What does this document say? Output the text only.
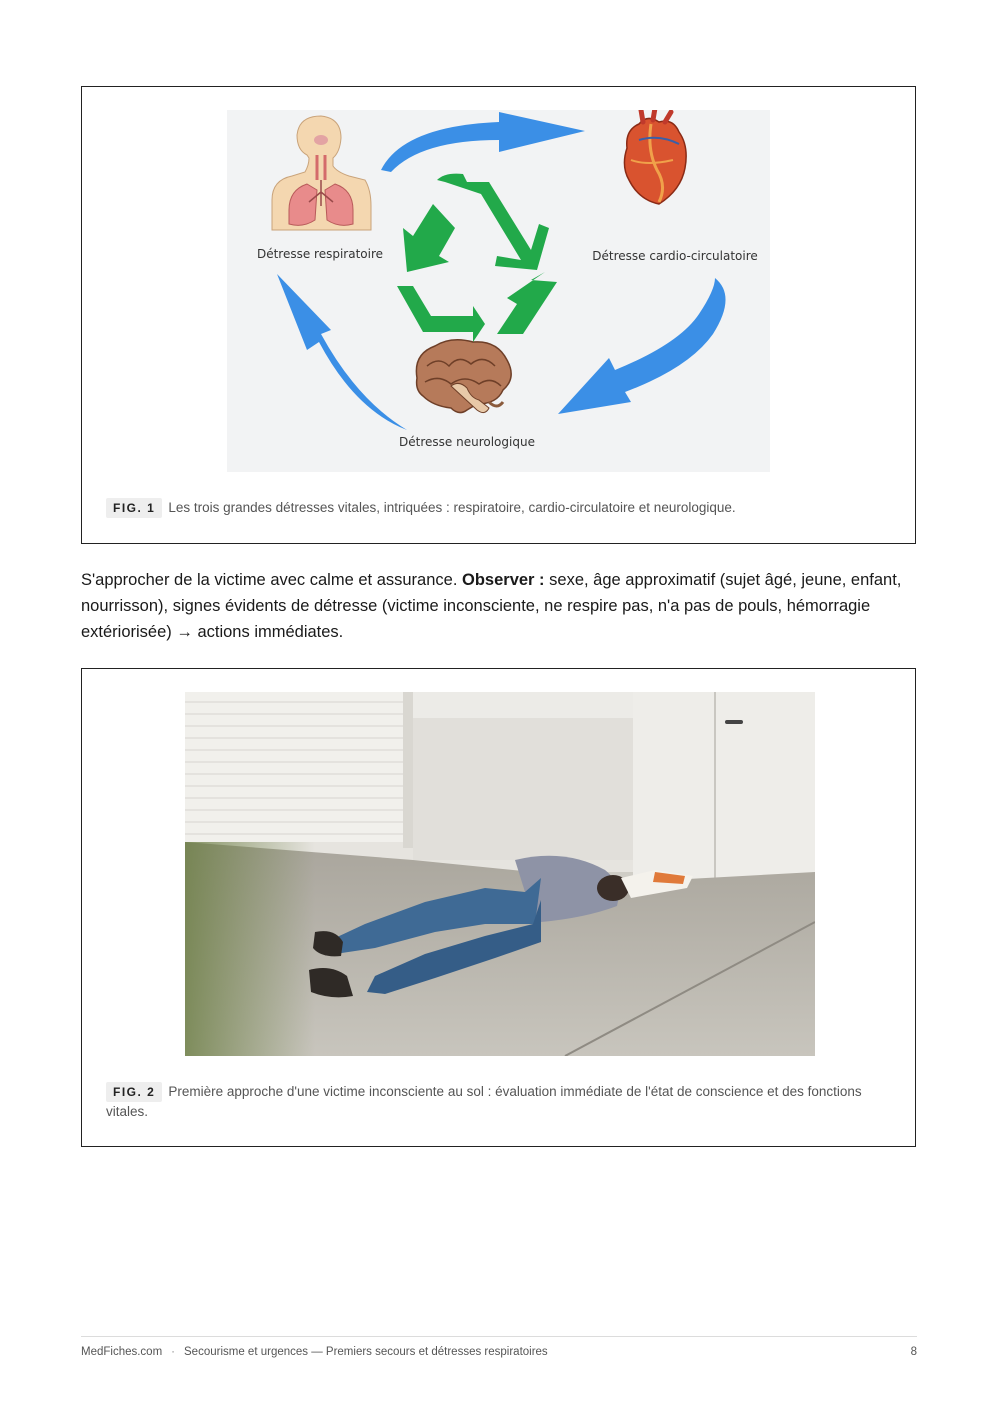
Détresse respiratoire	Détresse cardio-circulatoire
Détresse neurologique
FIG. 1 Les trois grandes détresses vitales, intriquées : respiratoire, cardio-circulatoire et neurologique.

S'approcher de la victime avec calme et assurance. Observer : sexe, âge approximatif (sujet âgé, jeune, enfant, nourrisson), signes évidents de détresse (victime inconsciente, ne respire pas, n'a pas de pouls, hémorragie extériorisée) → actions immédiates.

FIG. 2 Première approche d'une victime inconsciente au sol : évaluation immédiate de l'état de conscience et des fonctions vitales.
MedFiches.com · Secourisme et urgences — Premiers secours et détresses respiratoires	8
